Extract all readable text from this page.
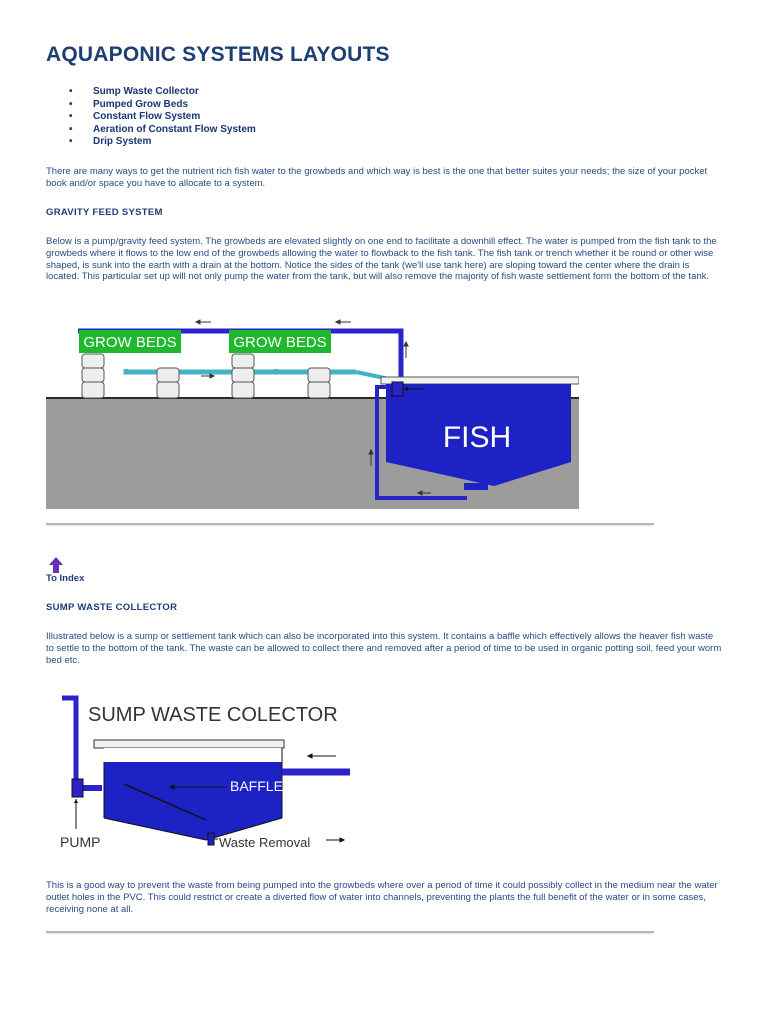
AQUAPONIC SYSTEMS LAYOUTS
• Sump Waste Collector
• Pumped Grow Beds
• Constant Flow System
• Aeration of Constant Flow System
• Drip System

There are many ways to get the nutrient rich fish water to the growbeds and which way is best is the one that better suites your needs; the size of your pocket book and/or space you have to allocate to a system.

GRAVITY FEED SYSTEM

Below is a pump/gravity feed system. The growbeds are elevated slightly on one end to facilitate a downhill effect. The water is pumped from the fish tank to the growbeds where it flows to the low end of the growbeds allowing the water to flowback to the fish tank. The fish tank or trench whether it be round or other wise shaped, is sunk into the earth with a drain at the bottom. Notice the sides of the tank (we'll use tank here) are sloping toward the center where the drain is located. This particular set up will not only pump the water from the tank, but will also remove the majority of fish waste settlement form the bottom of the tank.

GROW BEDS	GROW BEDS
PUMP
FISH
To Index
SUMP WASTE COLLECTOR

Illustrated below is a sump or settlement tank which can also be incorporated into this system. It contains a baffle which effectively allows the heaver fish waste to settle to the bottom of the tank. The waste can be allowed to collect there and removed after a period of time to be used in organic potting soil, feed your worm bed etc.

SUMP WASTE COLECTOR
PUMP
BAFFLE
Waste Removal

This is a good way to prevent the waste from being pumped into the growbeds where over a period of time it could possibly collect in the medium near the water outlet holes in the PVC. This could restrict or create a diverted flow of water into channels, preventing the plants the full benefit of the water or in some cases, receiving none at all.
